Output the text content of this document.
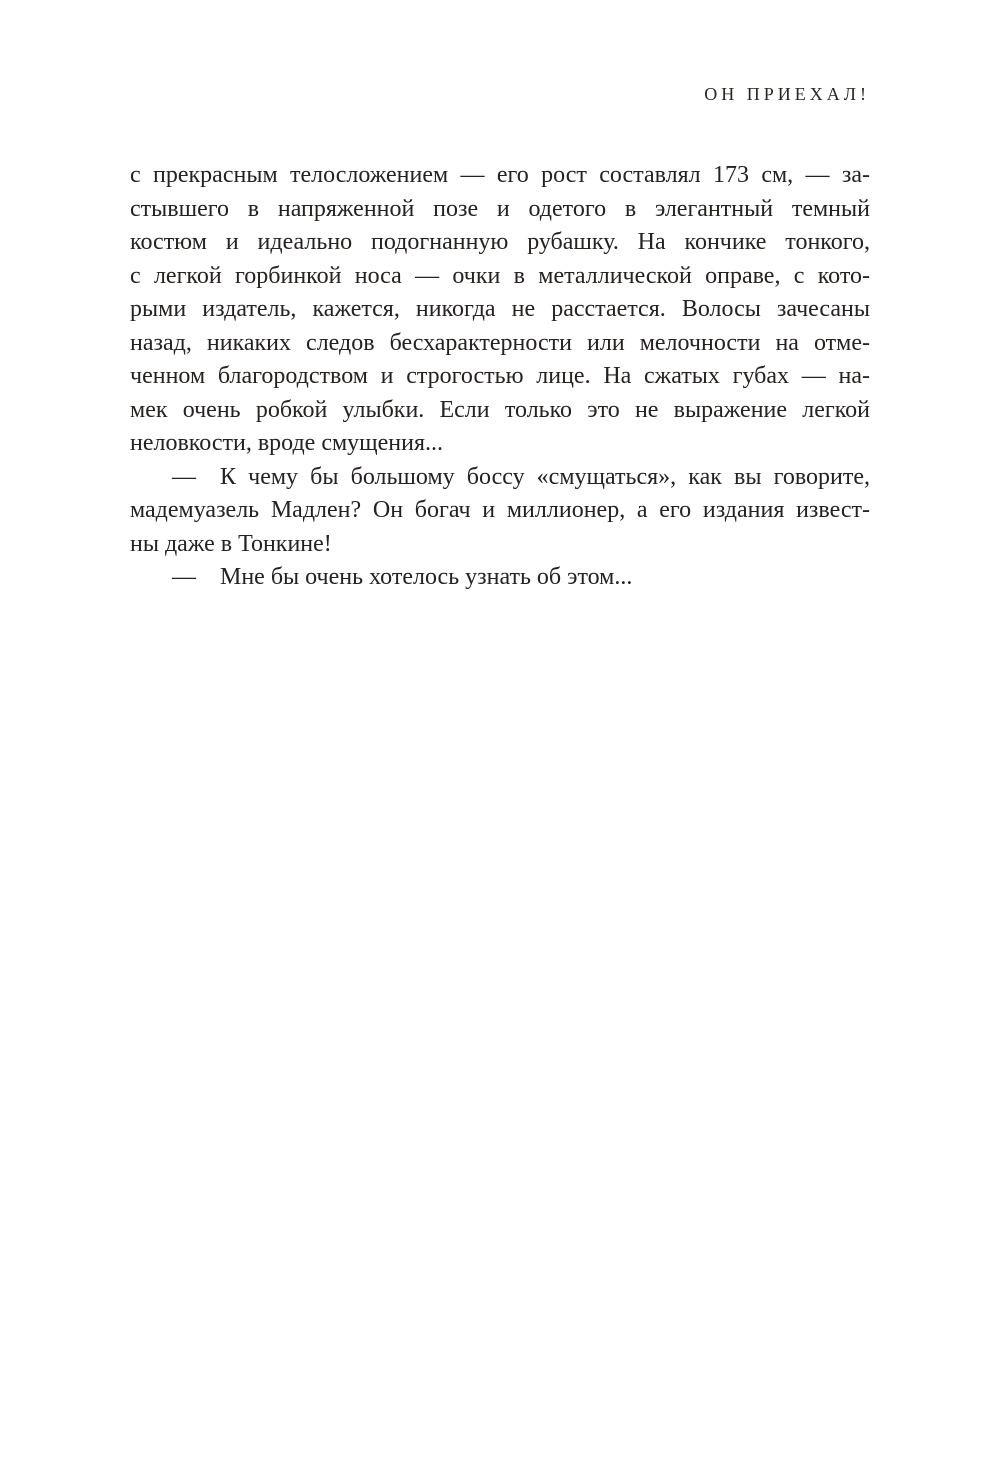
ОН ПРИЕХАЛ!
с прекрасным телосложением — его рост составлял 173 см, — за-
стывшего в напряженной позе и одетого в элегантный темный
костюм и идеально подогнанную рубашку. На кончике тонкого,
с легкой горбинкой носа — очки в металлической оправе, с кото-
рыми издатель, кажется, никогда не расстается. Волосы зачесаны
назад, никаких следов бесхарактерности или мелочности на отме-
ченном благородством и строгостью лице. На сжатых губах — на-
мек очень робкой улыбки. Если только это не выражение легкой
неловкости, вроде смущения...
— К чему бы большому боссу «смущаться», как вы говорите,
мадемуазель Мадлен? Он богач и миллионер, а его издания извест-
ны даже в Тонкине!
— Мне бы очень хотелось узнать об этом...
